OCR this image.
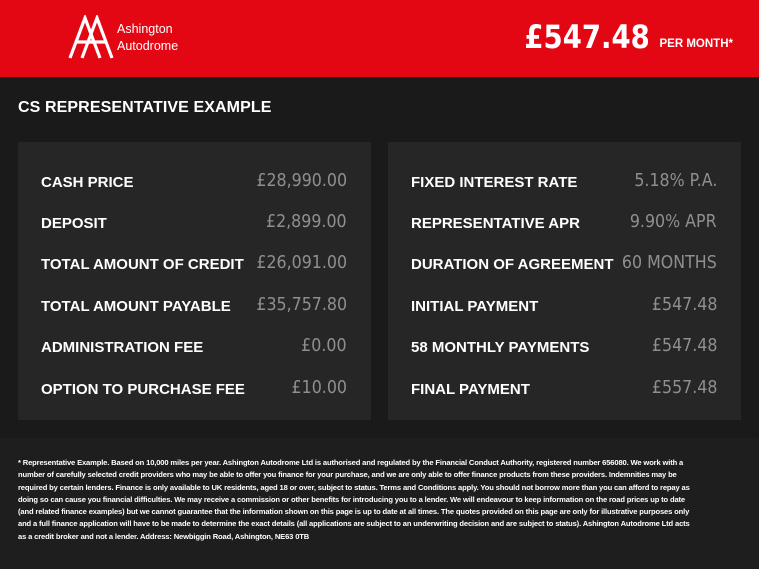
Ashington
Autodrome	£547.48 PER MONTH*
CS REPRESENTATIVE EXAMPLE
CASH PRICE	£28,990.00
DEPOSIT	£2,899.00
TOTAL AMOUNT OF CREDIT £26,091.00
TOTAL AMOUNT PAYABLE £35,757.80
ADMINISTRATION FEE	£0.00
OPTION TO PURCHASE FEE	£10.00
FIXED INTEREST RATE	5.18% P.A.
REPRESENTATIVE APR	9.90% APR
DURATION OF AGREEMENT 60 MONTHS
INITIAL PAYMENT	£547.48
58 MONTHLY PAYMENTS	£547.48
FINAL PAYMENT	£557.48
* Representative Example. Based on 10,000 miles per year. Ashington Autodrome Ltd is authorised and regulated by the Financial Conduct Authority, registered number 656080. We work with a number of carefully selected credit providers who may be able to offer you finance for your purchase, and we are only able to offer finance products from these providers. Indemnities may be required by certain lenders. Finance is only available to UK residents, aged 18 or over, subject to status. Terms and Conditions apply. You should not borrow more than you can afford to repay as doing so can cause you financial difficulties. We may receive a commission or other benefits for introducing you to a lender. We will endeavour to keep information on the road prices up to date (and related finance examples) but we cannot guarantee that the information shown on this page is up to date at all times. The quotes provided on this page are only for illustrative purposes only and a full finance application will have to be made to determine the exact details (all applications are subject to an underwriting decision and are subject to status). Ashington Autodrome Ltd acts as a credit broker and not a lender. Address: Newbiggin Road, Ashington, NE63 0TB
